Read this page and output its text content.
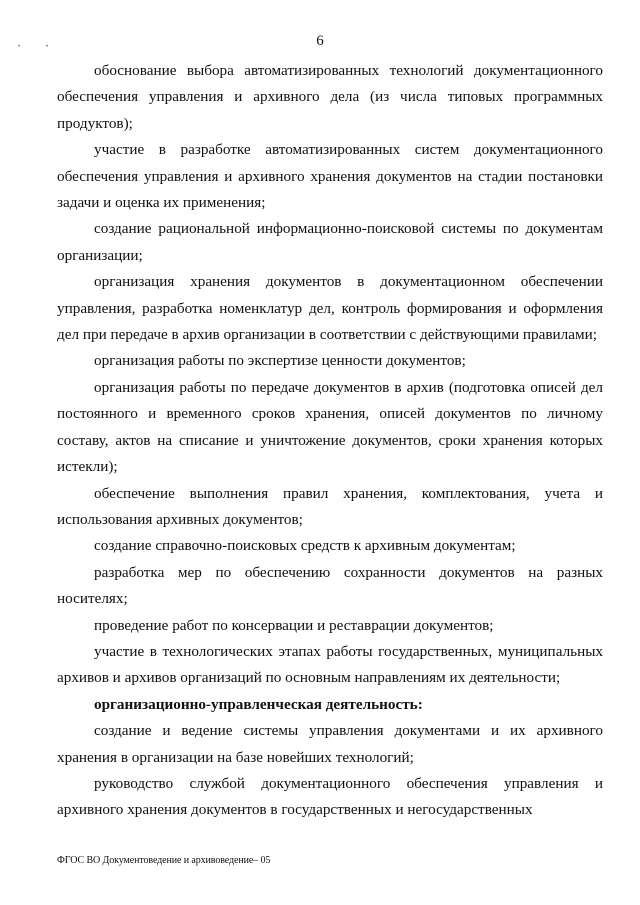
•	•	6

обоснование выбора автоматизированных технологий документационного обеспечения управления и архивного дела (из числа типовых программных продуктов);

участие в разработке автоматизированных систем документационного обеспечения управления и архивного хранения документов на стадии постановки задачи и оценка их применения;

создание рациональной информационно-поисковой системы по документам организации;

организация хранения документов в документационном обеспечении управления, разработка номенклатур дел, контроль формирования и оформления дел при передаче в архив организации в соответствии с действующими правилами;

организация работы по экспертизе ценности документов;

организация работы по передаче документов в архив (подготовка описей дел постоянного и временного сроков хранения, описей документов по личному составу, актов на списание и уничтожение документов, сроки хранения которых истекли);

обеспечение выполнения правил хранения, комплектования, учета и использования архивных документов;

создание справочно-поисковых средств к архивным документам;

разработка мер по обеспечению сохранности документов на разных носителях;

проведение работ по консервации и реставрации документов;

участие в технологических этапах работы государственных, муниципальных архивов и архивов организаций по основным направлениям их деятельности;

организационно-управленческая деятельность:

создание и ведение системы управления документами и их архивного хранения в организации на базе новейших технологий;

руководство службой документационного обеспечения управления и архивного хранения документов в государственных и негосударственных

ФГОС ВО Документоведение и архивоведение– 05
